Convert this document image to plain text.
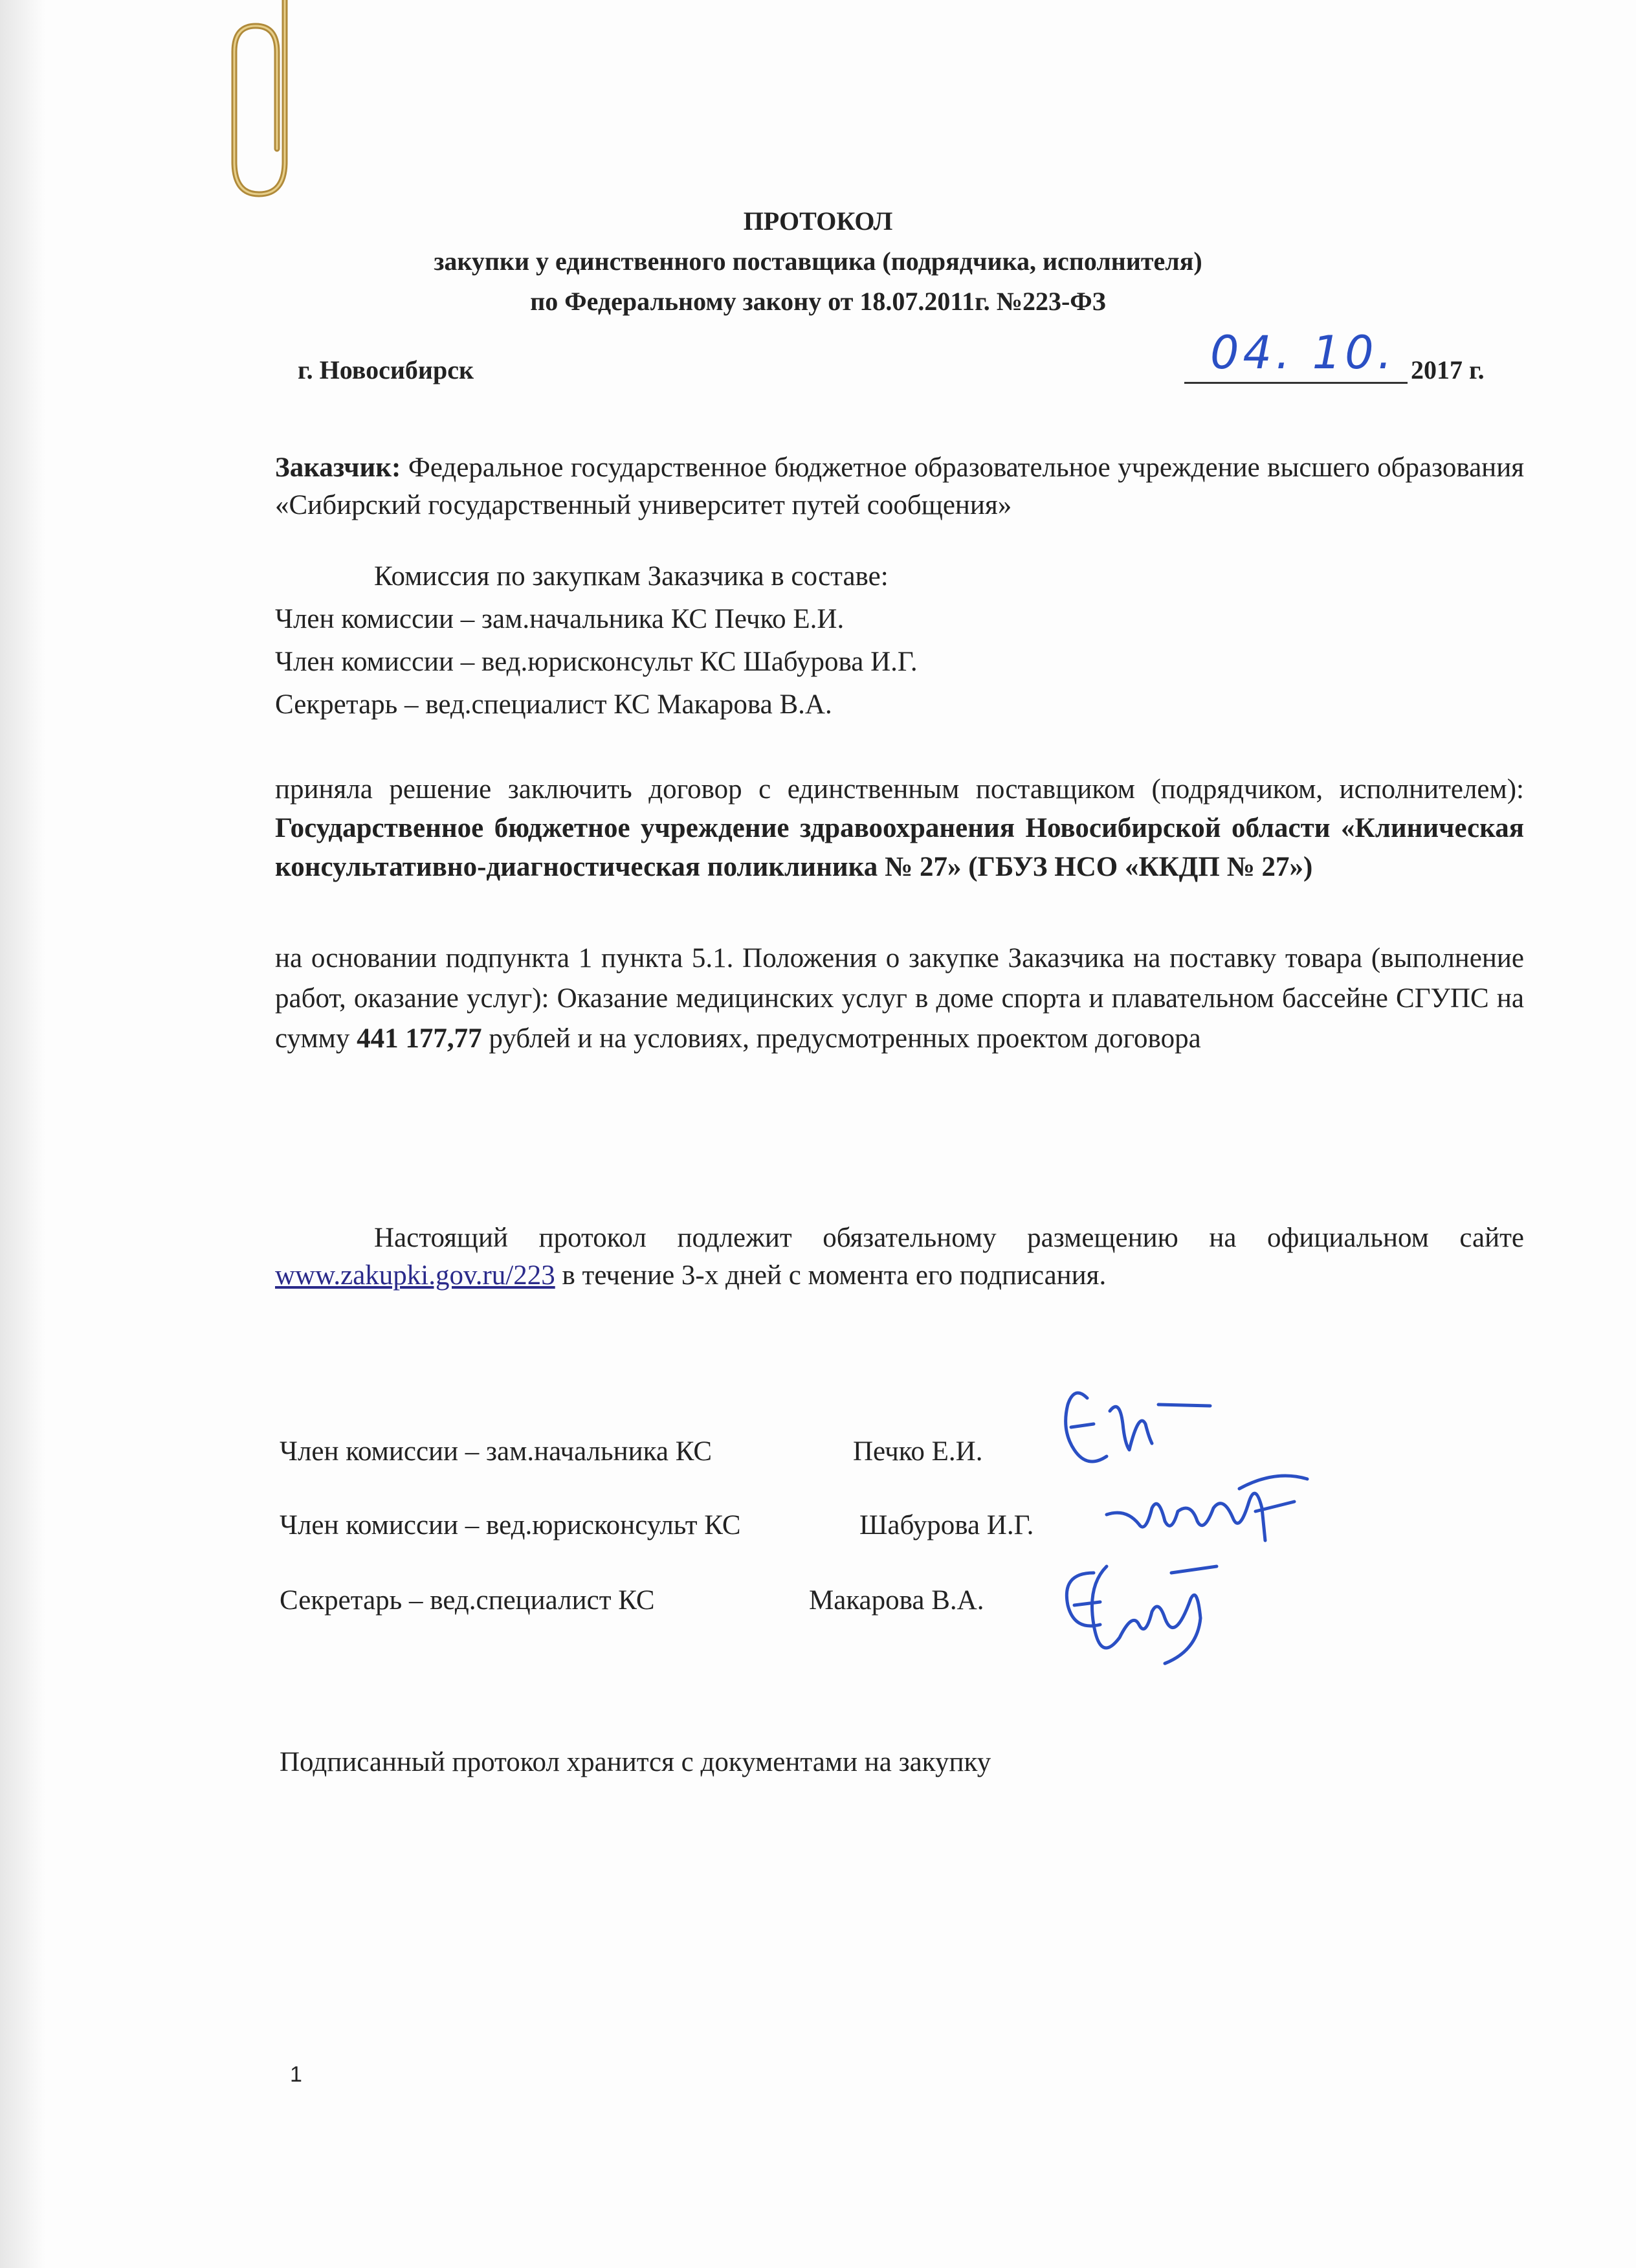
ПРОТОКОЛ
закупки у единственного поставщика (подрядчика, исполнителя)
по Федеральному закону от 18.07.2011г. №223-ФЗ
г. Новосибирск	04. 10. 2017 г.
Заказчик: Федеральное государственное бюджетное образовательное учреждение высшего образования «Сибирский государственный университет путей сообщения»
Комиссия по закупкам Заказчика в составе:
Член комиссии – зам.начальника КС Печко Е.И.
Член комиссии – вед.юрисконсульт КС Шабурова И.Г.
Секретарь – вед.специалист КС Макарова В.А.
приняла решение заключить договор с единственным поставщиком (подрядчиком, исполнителем): Государственное бюджетное учреждение здравоохранения Новосибирской области «Клиническая консультативно-диагностическая поликлиника № 27» (ГБУЗ НСО «ККДП № 27»)
на основании подпункта 1 пункта 5.1. Положения о закупке Заказчика на поставку товара (выполнение работ, оказание услуг): Оказание медицинских услуг в доме спорта и плавательном бассейне СГУПС на сумму 441 177,77 рублей и на условиях, предусмотренных проектом договора
Настоящий протокол подлежит обязательному размещению на официальном сайте www.zakupki.gov.ru/223 в течение 3-х дней с момента его подписания.
Член комиссии – зам.начальника КС	Печко Е.И.
Член комиссии – вед.юрисконсульт КС	Шабурова И.Г.
Секретарь – вед.специалист КС	Макарова В.А.
Подписанный протокол хранится с документами на закупку
1
